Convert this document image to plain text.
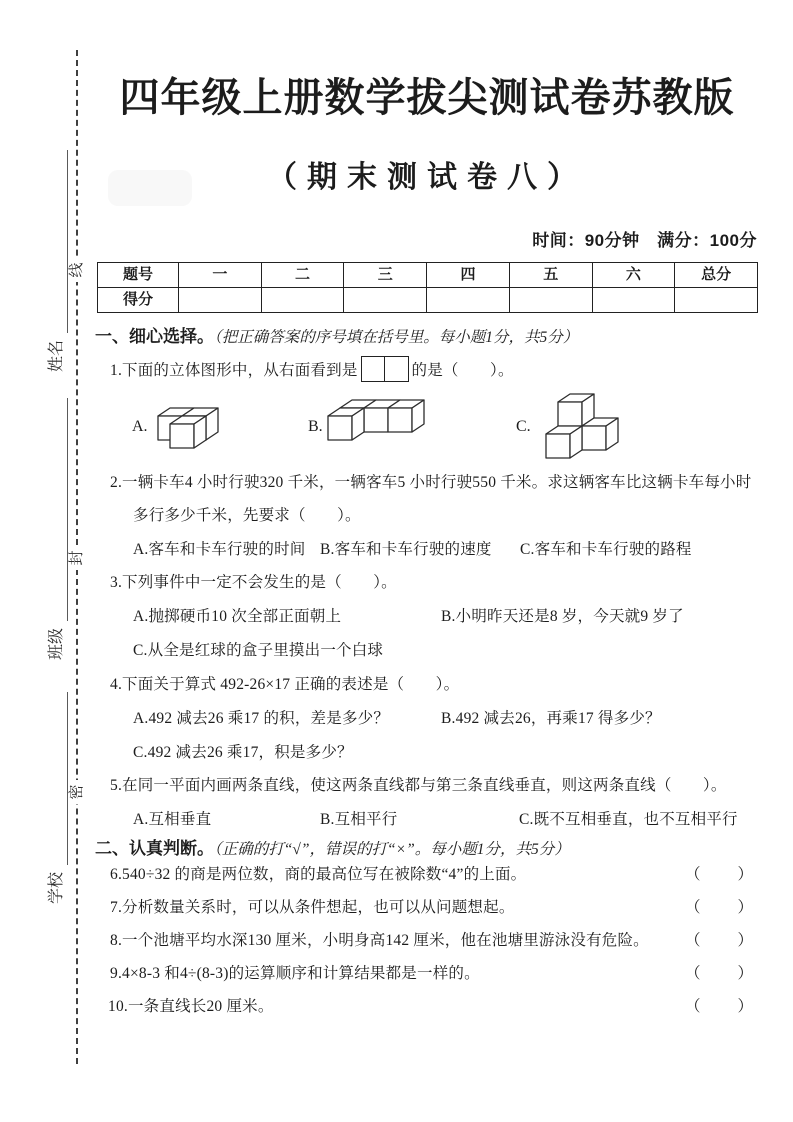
线
封
密
姓名
班级
学校
四年级上册数学拔尖测试卷苏教版
（期末测试卷八）
时间：90分钟　满分：100分
题号	一	二	三	四	五	六	总分
得分
一、细心选择。（把正确答案的序号填在括号里。每小题1分，共5分）
1.下面的立体图形中，从右面看到是	的是（　　）。
A.	B.	C.
2.一辆卡车4 小时行驶320 千米，一辆客车5 小时行驶550 千米。求这辆客车比这辆卡车每小时
多行多少千米，先要求（　　）。
A.客车和卡车行驶的时间 B.客车和卡车行驶的速度 C.客车和卡车行驶的路程
3.下列事件中一定不会发生的是（　　）。
A.抛掷硬币10 次全部正面朝上	B.小明昨天还是8 岁，今天就9 岁了
C.从全是红球的盒子里摸出一个白球
4.下面关于算式 492-26×17 正确的表述是（　　）。
A.492 减去26 乘17 的积，差是多少？	B.492 减去26，再乘17 得多少？
C.492 减去26 乘17，积是多少？
5.在同一平面内画两条直线，使这两条直线都与第三条直线垂直，则这两条直线（　　）。
A.互相垂直	B.互相平行	C.既不互相垂直，也不互相平行
二、认真判断。（正确的打“√”，错误的打“×”。每小题1分，共5分）
6.540÷32 的商是两位数，商的最高位写在被除数“4”的上面。	（　　）
7.分析数量关系时，可以从条件想起，也可以从问题想起。	（　　）
8.一个池塘平均水深130 厘米，小明身高142 厘米，他在池塘里游泳没有危险。 （　　）
9.4×8-3 和4÷(8-3)的运算顺序和计算结果都是一样的。	（　　）
10.一条直线长20 厘米。	（　　）
